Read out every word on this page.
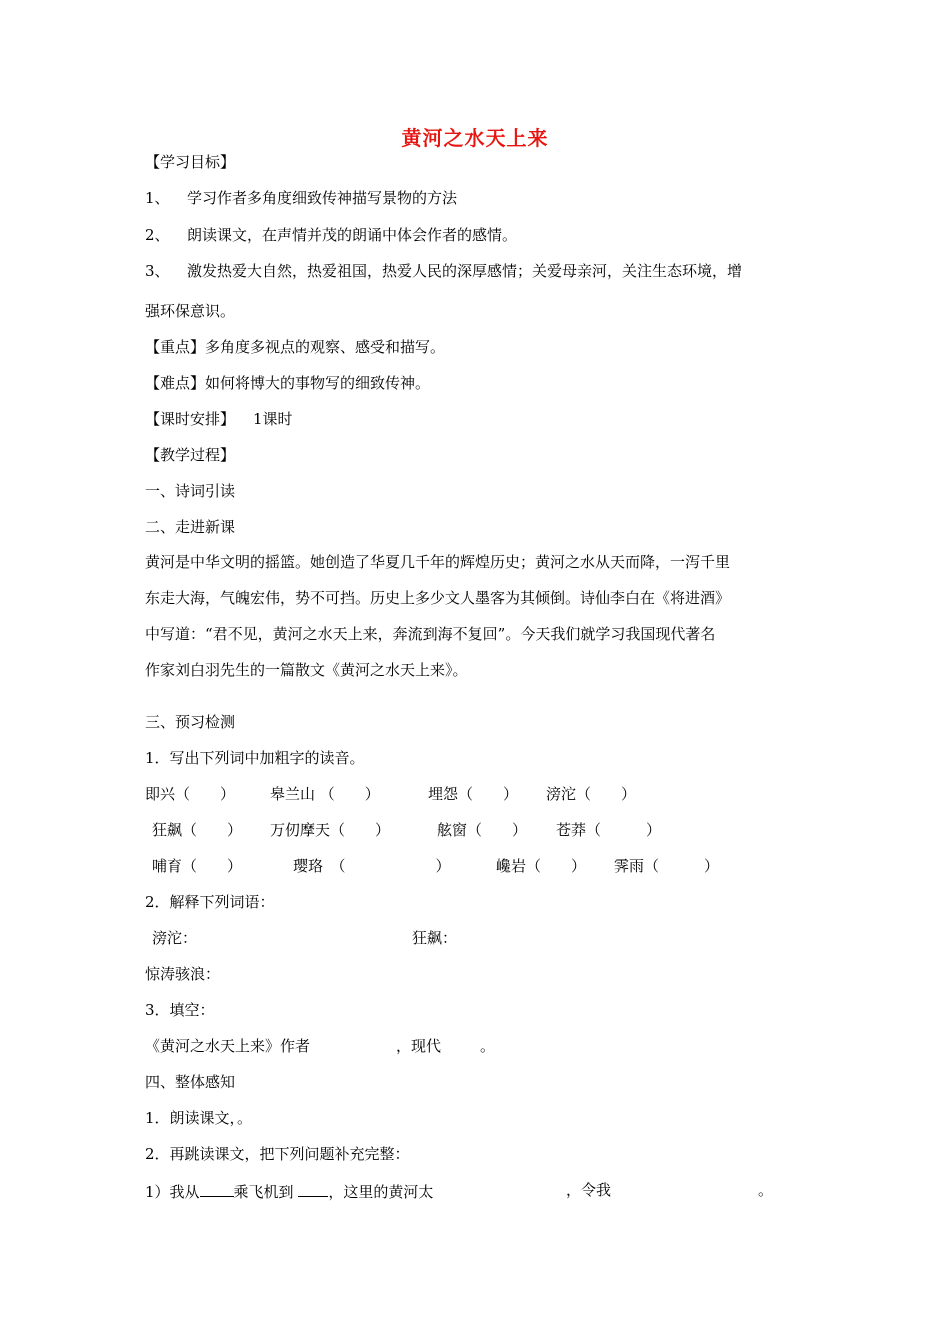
黄河之水天上来
【学习目标】
1、 学习作者多角度细致传神描写景物的方法
2、 朗读课文，在声情并茂的朗诵中体会作者的感情。
3、 激发热爱大自然，热爱祖国，热爱人民的深厚感情；关爱母亲河，关注生态环境，增
强环保意识。
【重点】多角度多视点的观察、感受和描写。
【难点】如何将博大的事物写的细致传神。
【课时安排】 1课时
【教学过程】
一、诗词引读
二、走进新课
黄河是中华文明的摇篮。她创造了华夏几千年的辉煌历史；黄河之水从天而降，一泻千里
东走大海，气魄宏伟，势不可挡。历史上多少文人墨客为其倾倒。诗仙李白在《将进酒》
中写道：“君不见，黄河之水天上来，奔流到海不复回”。今天我们就学习我国现代著名
作家刘白羽先生的一篇散文《黄河之水天上来》。
三、预习检测
1．写出下列词中加粗字的读音。
即兴（　　） 皋兰山 （　　）	埋怨（　　） 滂沱（　　）
狂飙（　　） 万仞摩天（　　）	舷窗（　　） 苍莽（　　　）
哺育（　　）	璎珞　（　　　　　　）	巉岩（　　） 霁雨（　　　）
2．解释下列词语：
滂沱：	狂飙：
惊涛骇浪：
3．填空：
《黄河之水天上来》作者	，现代	。
四、整体感知
1．朗读课文，。
2．再跳读课文，把下列问题补充完整：
1）我从 乘飞机到 ，这里的黄河太	，令我	。
